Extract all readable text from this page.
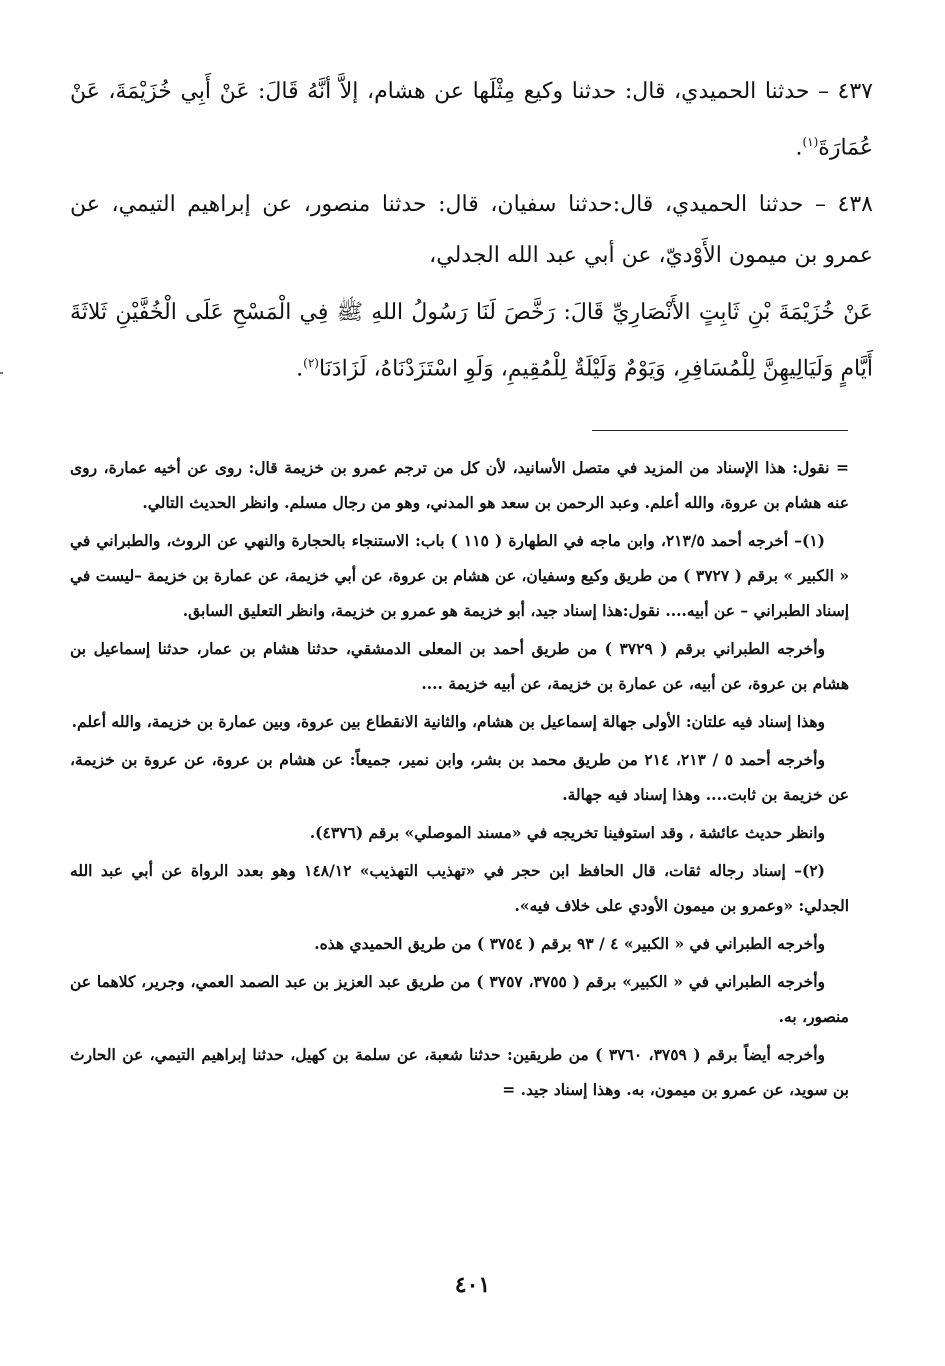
٤٣٧ – حدثنا الحميدي، قال: حدثنا وكيع مِثْلَها عن هشام، إلاَّ أنَّهُ قَالَ: عَنْ أَبِي خُزَيْمَةَ، عَنْ عُمَارَةَ$^{(١)}$.

٤٣٨ – حدثنا الحميدي، قال:حدثنا سفيان، قال: حدثنا منصور، عن إبراهيم التيمي، عن عمرو بن ميمون الأَوْديّ، عن أبي عبد الله الجدلي،

عَنْ خُزَيْمَةَ بْنِ ثَابِتٍ الأَنْصَارِيِّ قَالَ: رَخَّصَ لَنَا رَسُولُ اللهِ ﷺ فِي الْمَسْحِ عَلَى الْخُفَّيْنِ ثَلاثَةَ أَيَّامٍ وَلَيَالِيهِنَّ لِلْمُسَافِرِ، وَيَوْمٌ وَلَيْلَةٌ لِلْمُقِيمِ، وَلَوِ اسْتَزَدْنَاهُ، لَزَادَنَا$^{(٢)}$.

= نقول: هذا الإسناد من المزيد في متصل الأسانيد، لأن كل من ترجم عمرو بن خزيمة قال: روى عن أخيه عمارة، روى عنه هشام بن عروة، والله أعلم. وعبد الرحمن بن سعد هو المدني، وهو من رجال مسلم. وانظر الحديث التالي.

(١)– أخرجه أحمد ٢١٣/٥، وابن ماجه في الطهارة ( ١١٥ ) باب: الاستنجاء بالحجارة والنهي عن الروث، والطبراني في « الكبير » برقم ( ٣٧٢٧ ) من طريق وكيع وسفيان، عن هشام بن عروة، عن أبي خزيمة، عن عمارة بن خزيمة –ليست في إسناد الطبراني – عن أبيه.... نقول:هذا إسناد جيد، أبو خزيمة هو عمرو بن خزيمة، وانظر التعليق السابق.

وأخرجه الطبراني برقم ( ٣٧٢٩ ) من طريق أحمد بن المعلى الدمشقي، حدثنا هشام بن عمار، حدثنا إسماعيل بن هشام بن عروة، عن أبيه، عن عمارة بن خزيمة، عن أبيه خزيمة ....

وهذا إسناد فيه علتان: الأولى جهالة إسماعيل بن هشام، والثانية الانقطاع بين عروة، وبين عمارة بن خزيمة، والله أعلم.

وأخرجه أحمد ٥ / ٢١٣، ٢١٤ من طريق محمد بن بشر، وابن نمير، جميعاً: عن هشام بن عروة، عن عروة بن خزيمة، عن خزيمة بن ثابت.... وهذا إسناد فيه جهالة.

وانظر حديث عائشة ، وقد استوفينا تخريجه في «مسند الموصلي» برقم (٤٣٧٦).

(٢)– إسناد رجاله ثقات، قال الحافظ ابن حجر في «تهذيب التهذيب» ١٤٨/١٢ وهو بعدد الرواة عن أبي عبد الله الجدلي: «وعمرو بن ميمون الأودي على خلاف فيه».

وأخرجه الطبراني في « الكبير» ٤ / ٩٣ برقم ( ٣٧٥٤ ) من طريق الحميدي هذه.

وأخرجه الطبراني في « الكبير» برقم ( ٣٧٥٥، ٣٧٥٧ ) من طريق عبد العزيز بن عبد الصمد العمي، وجرير، كلاهما عن منصور، به.

وأخرجه أيضاً برقم ( ٣٧٥٩، ٣٧٦٠ ) من طريقين: حدثنا شعبة، عن سلمة بن كهيل، حدثنا إبراهيم التيمي، عن الحارث بن سويد، عن عمرو بن ميمون، به. وهذا إسناد جيد. =

٤٠١
